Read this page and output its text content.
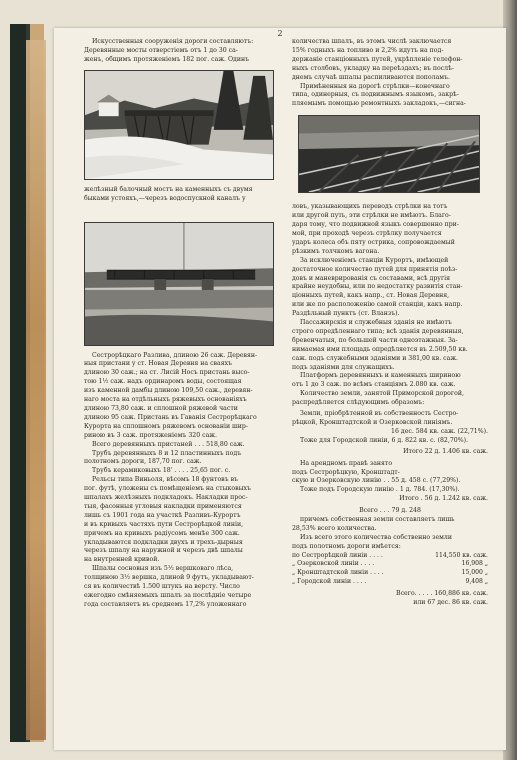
2
Искусственныя сооруженія дороги составляютъ:
Деревянные мосты отверстіемъ отъ 1 до 30 са-
женъ, общимъ протяженіемъ 182 пог. саж. Одинъ
желѣзный балочный мостъ на каменныхъ съ двумя
быками устояхъ,—черезъ водоспускной каналъ у
Сестрорѣцкаго Разлива, длиною 26 саж. Деревян-
ныя пристани у ст. Новая Деревня на сваяхъ
длиною 30 саж.; на ст. Лисій Носъ пристань высо-
тою 1½ саж. надъ ординаромъ воды, состоящая
изъ каменной дамбы длиною 109,50 саж., деревян-
наго моста на отдѣльныхъ ряжевыхъ основаніяхъ
длиною 73,80 саж. и сплошной ряжевой части
длиною 95 саж. Пристань въ Гаванія Сестрорѣцкаго
Курорта на сплошномъ ряжевомъ основаніи шир-
риною въ 3 саж. протяженіемъ 320 саж.
Всего деревянныхъ пристаней . . . 518,80 саж.
Трубъ деревянныхъ 8 и 12 пластинныхъ подъ
полотномъ дороги, 187,70 пог. саж.
Трубъ керамиковыхъ 18' . . . . 25,65 пог. с.
Рельсы типа Виньоля, вѣсомъ 18 фунтовъ въ
пог. футѣ, уложены съ помѣщеніемъ на стыковыхъ
шпалахъ желѣзныхъ подкладокъ. Накладки прос-
тыя, фасонныя угловыя накладки применяются
лишь съ 1901 года на участкѣ Разливъ-Курортъ
и въ кривыхъ частяхъ пути Сестрорѣцкой линіи,
причемъ на кривыхъ радіусомъ менѣе 300 саж.
укладываются подкладки двухъ и трехъ-дырныя
черезъ шпалу на наружной и черезъ двѣ шпалы
на внутренней кривой.
Шпалы сосновыя изъ 5½ вершковаго лѣса,
толщиною 3½ вершка, длиной 9 футъ, укладывают-
ся въ количествѣ 1.500 штукъ на версту. Число
ежегодно смѣняемыхъ шпалъ за послѣдніе четыре
года составляетъ въ среднемъ 17,2% уложеннаго
количества шпалъ, въ этомъ числѣ заключается
15% годныхъ на топливо и 2,2% идутъ на под-
держаніе станціонныхъ путей, укрѣпленіе телефон-
ныхъ столбовъ, укладку на переѣздахъ; въ послѣ-
днемъ случаѣ шпалы распиливаются пополамъ.
Примѣненныя на дорогѣ стрѣлки—конечнаго
типа, одинерныя, съ подвижнымъ языкомъ, закрѣ-
пляемымъ помощью ремонтныхъ закладокъ,—сигна-
ловъ, указывающихъ переводъ стрѣлки на тотъ
или другой путь, эти стрѣлки не имѣютъ. Благо-
даря тому, что подвижной языкъ совершенно при-
мой, при проходѣ черезъ стрѣлку получается
ударъ колеса объ пяту острика, сопровождаемый
рѣзкимъ толчкомъ вагона.
За исключеніемъ станціи Курортъ, имѣющей
достаточное количество путей для принятія поѣз-
довъ и маневрированія съ составами, всѣ другія
крайне неудобны, или по недостатку развитія стан-
ціонныхъ путей, какъ напр., ст. Новая Деревня,
или же по расположенію самой станціи, какъ напр.
Раздѣльный пунктъ (ст. Вланзъ).
Пассажирскія и служебныя зданія не имѣютъ
строго опредѣленнаго типа; всѣ зданія деревянныя,
бревенчатыя, по большей части одноэтажныя. За-
нимаемая ими площадь опредѣляется въ 2.509,50 кв.
саж. подъ служебными зданіями и 381,00 кв. саж.
подъ зданіями для служащихъ.
Платформъ деревянныхъ и каменныхъ шириною
отъ 1 до 3 саж. по всѣмъ станціямъ 2.080 кв. саж.
Количество земли, занятой Приморской дорогой,
распредѣляется слѣдующимъ образомъ:
Земли, пріобрѣтенной въ собственность Сестро-
рѣцкой, Кронштадтской и Озерковской линіямъ.
16 дес. 584 кв. саж. (22,71%).
Тоже для Городской линіи, 6 д. 822 кв. с. (82,70%).
Итого 22 д. 1.406 кв. саж.
На арендномъ правѣ занято
подъ Сестрорѣцкую, Кронштадт-
скую и Озерковскую линію . . 55 д. 458 с. (77,29%).
Тоже подъ Городскую линію . 1 д. 784. (17,30%).
Итого . 56 д. 1.242 кв. саж.
Всего . . . 79 д. 248
причемъ собственная земли составляетъ лишь
28,53% всего количества.
Изъ всего этого количества собственно земли
подъ полотномъ дороги имѣется:
по Сестрорѣцкой линіи . . . .	114,550 кв. саж.
„ Озерковской линіи . . . .	16,908 „
„ Кронштадтской линіи . . . .	15,000 „
„ Городской линіи . . . .	9,408 „
Всего. . . . . 160,886 кв. саж.
или 67 дес. 86 кв. саж.
